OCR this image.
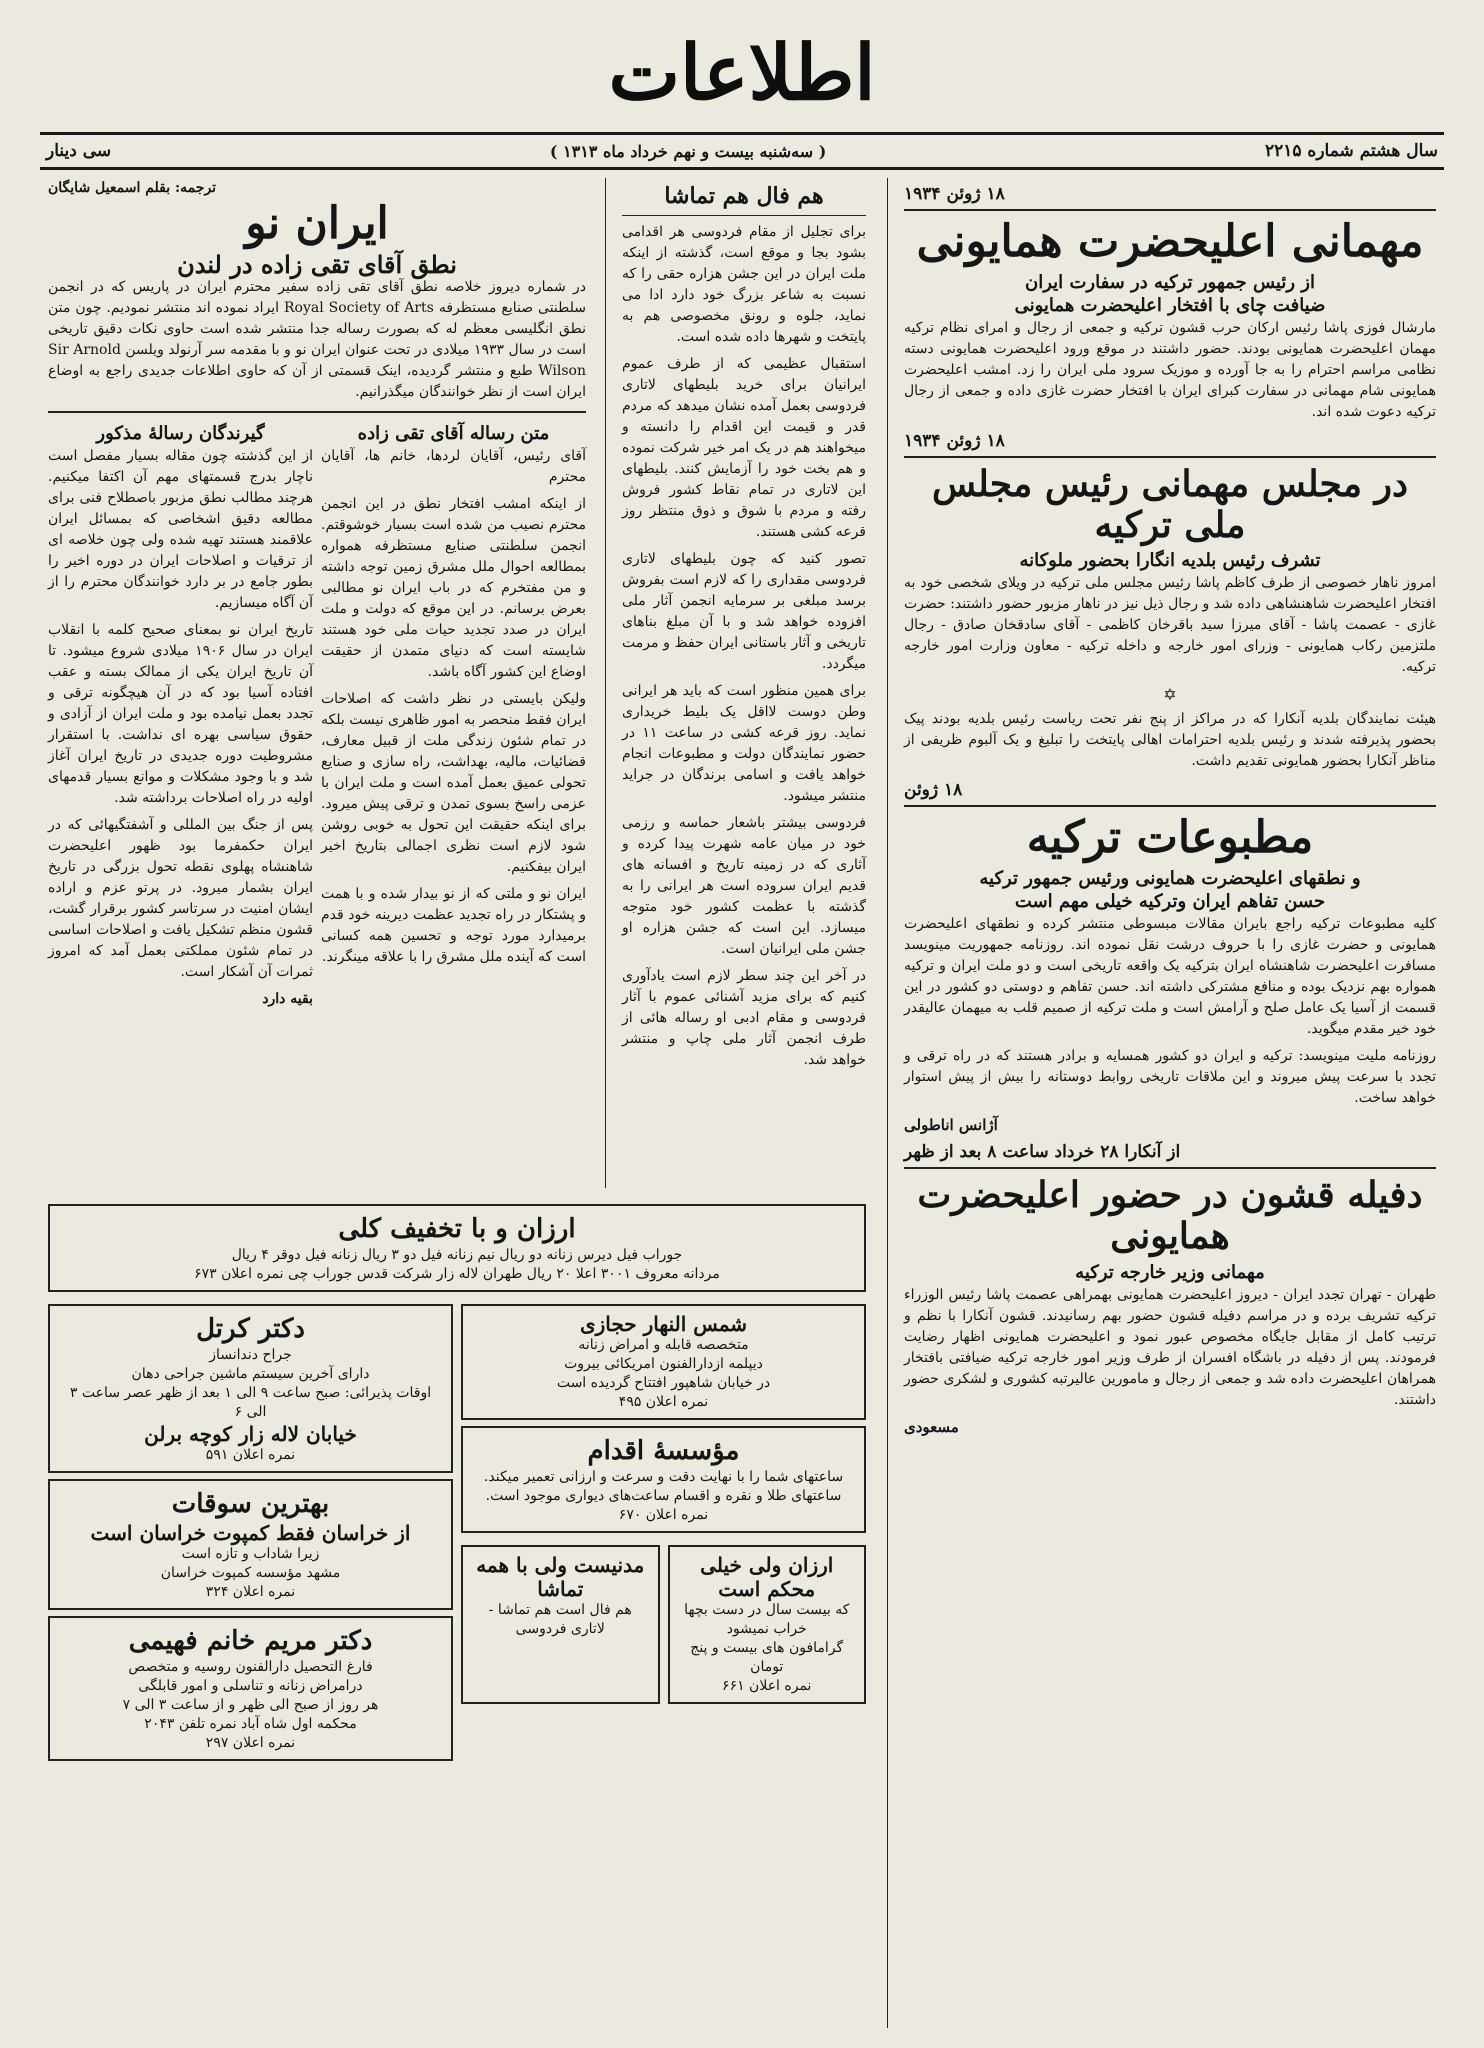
اطلاعات
سال هشتم شماره ۲۲۱۵
( سه‌شنبه بیست و نهم خرداد ماه ۱۳۱۳ )
سی دینار
۱۸ ژوئن ۱۹۳۴
مهمانی اعلیحضرت همایونی
از رئیس جمهور ترکیه در سفارت ایران
ضیافت چای با افتخار اعلیحضرت همایونی

مارشال فوزی پاشا رئیس ارکان حرب قشون ترکیه و جمعی از رجال و امرای نظام ترکیه مهمان اعلیحضرت همایونی بودند. حضور داشتند در موقع ورود اعلیحضرت همایونی دسته نظامی مراسم احترام را به جا آورده و موزیک سرود ملی ایران را زد. امشب اعلیحضرت همایونی شام مهمانی در سفارت کبرای ایران با افتخار حضرت غازی داده و جمعی از رجال ترکیه دعوت شده اند.

۱۸ ژوئن ۱۹۳۴
در مجلس مهمانی رئیس مجلس ملی ترکیه
تشرف رئیس بلدیه انگارا بحضور ملوکانه

امروز ناهار خصوصی از طرف کاظم پاشا رئیس مجلس ملی ترکیه در ویلای شخصی خود به افتخار اعلیحضرت شاهنشاهی داده شد و رجال ذیل نیز در ناهار مزبور حضور داشتند: حضرت غازی - عصمت پاشا - آقای میرزا سید باقرخان کاظمی - آقای سادقخان صادق - رجال ملتزمین رکاب همایونی - وزرای امور خارجه و داخله ترکیه - معاون وزارت امور خارجه ترکیه.

✡

هیئت نمایندگان بلدیه آنکارا که در مراکز از پنج نفر تحت ریاست رئیس بلدیه بودند پیک بحضور پذیرفته شدند و رئیس بلدیه احترامات اهالی پایتخت را تبلیغ و یک آلبوم ظریفی از مناظر آنکارا بحضور همایونی تقدیم داشت.

۱۸ ژوئن
مطبوعات ترکیه
و نطقهای اعلیحضرت همایونی ورئیس جمهور ترکیه
حسن تفاهم ایران وترکیه خیلی مهم است

کلیه مطبوعات ترکیه راجع بایران مقالات مبسوطی منتشر کرده و نطقهای اعلیحضرت همایونی و حضرت غازی را با حروف درشت نقل نموده اند. روزنامه جمهوریت مینویسد مسافرت اعلیحضرت شاهنشاه ایران بترکیه یک واقعه تاریخی است و دو ملت ایران و ترکیه همواره بهم نزدیک بوده و منافع مشترکی داشته اند. حسن تفاهم و دوستی دو کشور در این قسمت از آسیا یک عامل صلح و آرامش است و ملت ترکیه از صمیم قلب به میهمان عالیقدر خود خیر مقدم میگوید.

روزنامه ملیت مینویسد: ترکیه و ایران دو کشور همسایه و برادر هستند که در راه ترقی و تجدد با سرعت پیش میروند و این ملاقات تاریخی روابط دوستانه را بیش از پیش استوار خواهد ساخت.

آژانس اناطولی
از آنکارا ۲۸ خرداد ساعت ۸ بعد از ظهر
دفیله قشون در حضور اعلیحضرت همایونی
مهمانی وزیر خارجه ترکیه

طهران - تهران تجدد ایران - دیروز اعلیحضرت همایونی بهمراهی عصمت پاشا رئیس الوزراء ترکیه تشریف برده و در مراسم دفیله قشون حضور بهم رسانیدند. قشون آنکارا با نظم و ترتیب کامل از مقابل جایگاه مخصوص عبور نمود و اعلیحضرت همایونی اظهار رضایت فرمودند. پس از دفیله در باشگاه افسران از طرف وزیر امور خارجه ترکیه ضیافتی بافتخار همراهان اعلیحضرت داده شد و جمعی از رجال و مامورین عالیرتبه کشوری و لشکری حضور داشتند.

مسعودی
هم فال هم تماشا

برای تجلیل از مقام فردوسی هر اقدامی بشود بجا و موقع است، گذشته از اینکه ملت ایران در این جشن هزاره حقی را که نسبت به شاعر بزرگ خود دارد ادا می نماید، جلوه و رونق مخصوصی هم به پایتخت و شهرها داده شده است.

استقبال عظیمی که از طرف عموم ایرانیان برای خرید بلیطهای لاتاری فردوسی بعمل آمده نشان میدهد که مردم قدر و قیمت این اقدام را دانسته و میخواهند هم در یک امر خیر شرکت نموده و هم بخت خود را آزمایش کنند. بلیطهای این لاتاری در تمام نقاط کشور فروش رفته و مردم با شوق و ذوق منتظر روز قرعه کشی هستند.

تصور کنید که چون بلیطهای لاتاری فردوسی مقداری را که لازم است بفروش برسد مبلغی بر سرمایه انجمن آثار ملی افزوده خواهد شد و با آن مبلغ بناهای تاریخی و آثار باستانی ایران حفظ و مرمت میگردد.

برای همین منظور است که باید هر ایرانی وطن دوست لااقل یک بلیط خریداری نماید. روز قرعه کشی در ساعت ۱۱ در حضور نمایندگان دولت و مطبوعات انجام خواهد یافت و اسامی برندگان در جراید منتشر میشود.

فردوسی بیشتر باشعار حماسه و رزمی خود در میان عامه شهرت پیدا کرده و آثاری که در زمینه تاریخ و افسانه های قدیم ایران سروده است هر ایرانی را به گذشته با عظمت کشور خود متوجه میسازد. این است که جشن هزاره او جشن ملی ایرانیان است.

در آخر این چند سطر لازم است یادآوری کنیم که برای مزید آشنائی عموم با آثار فردوسی و مقام ادبی او رساله هائی از طرف انجمن آثار ملی چاپ و منتشر خواهد شد.

ترجمه: بقلم اسمعیل شایگان
ایران نو
نطق آقای تقی زاده در لندن

در شماره دیروز خلاصه نطق آقای تقی زاده سفیر محترم ایران در پاریس که در انجمن سلطنتی صنایع مستظرفه Royal Society of Arts ایراد نموده اند منتشر نمودیم. چون متن نطق انگلیسی معظم له که بصورت رساله جدا منتشر شده است حاوی نکات دقیق تاریخی است در سال ۱۹۳۳ میلادی در تحت عنوان ایران نو و با مقدمه سر آرنولد ویلسن Sir Arnold Wilson طبع و منتشر گردیده، اینک قسمتی از آن که حاوی اطلاعات جدیدی راجع به اوضاع ایران است از نظر خوانندگان میگذرانیم.

متن رساله آقای تقی زاده

آقای رئیس، آقایان لردها، خانم ها، آقایان محترم

از اینکه امشب افتخار نطق در این انجمن محترم نصیب من شده است بسیار خوشوقتم. انجمن سلطنتی صنایع مستظرفه همواره بمطالعه احوال ملل مشرق زمین توجه داشته و من مفتخرم که در باب ایران نو مطالبی بعرض برسانم. در این موقع که دولت و ملت ایران در صدد تجدید حیات ملی خود هستند شایسته است که دنیای متمدن از حقیقت اوضاع این کشور آگاه باشد.

ولیکن بایستی در نظر داشت که اصلاحات ایران فقط منحصر به امور ظاهری نیست بلکه در تمام شئون زندگی ملت از قبیل معارف، قضائیات، مالیه، بهداشت، راه سازی و صنایع تحولی عمیق بعمل آمده است و ملت ایران با عزمی راسخ بسوی تمدن و ترقی پیش میرود. برای اینکه حقیقت این تحول به خوبی روشن شود لازم است نظری اجمالی بتاریخ اخیر ایران بیفکنیم.

ایران نو و ملتی که از نو بیدار شده و با همت و پشتکار در راه تجدید عظمت دیرینه خود قدم برمیدارد مورد توجه و تحسین همه کسانی است که آینده ملل مشرق را با علاقه مینگرند.

گیرندگان رسالۀ مذکور

از این گذشته چون مقاله بسیار مفصل است ناچار بدرج قسمتهای مهم آن اکتفا میکنیم. هرچند مطالب نطق مزبور باصطلاح فنی برای مطالعه دقیق اشخاصی که بمسائل ایران علاقمند هستند تهیه شده ولی چون خلاصه ای از ترقیات و اصلاحات ایران در دوره اخیر را بطور جامع در بر دارد خوانندگان محترم را از آن آگاه میسازیم.

تاریخ ایران نو بمعنای صحیح کلمه با انقلاب ایران در سال ۱۹۰۶ میلادی شروع میشود. تا آن تاریخ ایران یکی از ممالک بسته و عقب افتاده آسیا بود که در آن هیچگونه ترقی و تجدد بعمل نیامده بود و ملت ایران از آزادی و حقوق سیاسی بهره ای نداشت. با استقرار مشروطیت دوره جدیدی در تاریخ ایران آغاز شد و با وجود مشکلات و موانع بسیار قدمهای اولیه در راه اصلاحات برداشته شد.

پس از جنگ بین المللی و آشفتگیهائی که در ایران حکمفرما بود ظهور اعلیحضرت شاهنشاه پهلوی نقطه تحول بزرگی در تاریخ ایران بشمار میرود. در پرتو عزم و اراده ایشان امنیت در سرتاسر کشور برقرار گشت، قشون منظم تشکیل یافت و اصلاحات اساسی در تمام شئون مملکتی بعمل آمد که امروز ثمرات آن آشکار است.

بقیه دارد
ارزان و با تخفیف کلی
جوراب فیل دیرس زنانه دو ریال نیم زنانه فیل دو ۳ ریال زنانه فیل دوقر ۴ ریال
مردانه معروف ۳۰۰۱ اعلا ۲۰ ریال طهران لاله زار شرکت قدس جوراب چی نمره اعلان ۶۷۳
شمس النهار حجازی
متخصصه قابله و امراض زنانه
دیپلمه ازدارالفنون امریکائی بیروت
در خیابان شاهپور افتتاح گردیده است
نمره اعلان ۴۹۵
مؤسسۀ اقدام
ساعتهای شما را با نهایت دقت و سرعت و ارزانی تعمیر میکند. ساعتهای طلا و نقره و اقسام ساعت‌های دیواری موجود است.
نمره اعلان ۶۷۰
ارزان ولی خیلی محکم است
که بیست سال در دست بچها خراب نمیشود
گرامافون های بیست و پنج تومان
نمره اعلان ۶۶۱
مدنیست ولی با همه تماشا
هم فال است هم تماشا - لاتاری فردوسی
دکتر کرتل
جراح دندانساز
دارای آخرین سیستم ماشین جراحی دهان
اوقات پذیرائی: صبح ساعت ۹ الی ۱ بعد از ظهر عصر ساعت ۳ الی ۶
خیابان لاله زار کوچه برلن
نمره اعلان ۵۹۱
بهترین سوقات
از خراسان فقط کمپوت خراسان است
زیرا شاداب و تازه است
مشهد مؤسسه کمپوت خراسان
نمره اعلان ۳۲۴
دکتر مریم خانم فهیمی
فارغ التحصیل دارالفنون روسیه و متخصص
درامراض زنانه و تناسلی و امور قابلگی
هر روز از صبح الی ظهر و از ساعت ۳ الی ۷
محکمه اول شاه آباد نمره تلفن ۲۰۴۳
نمره اعلان ۲۹۷
